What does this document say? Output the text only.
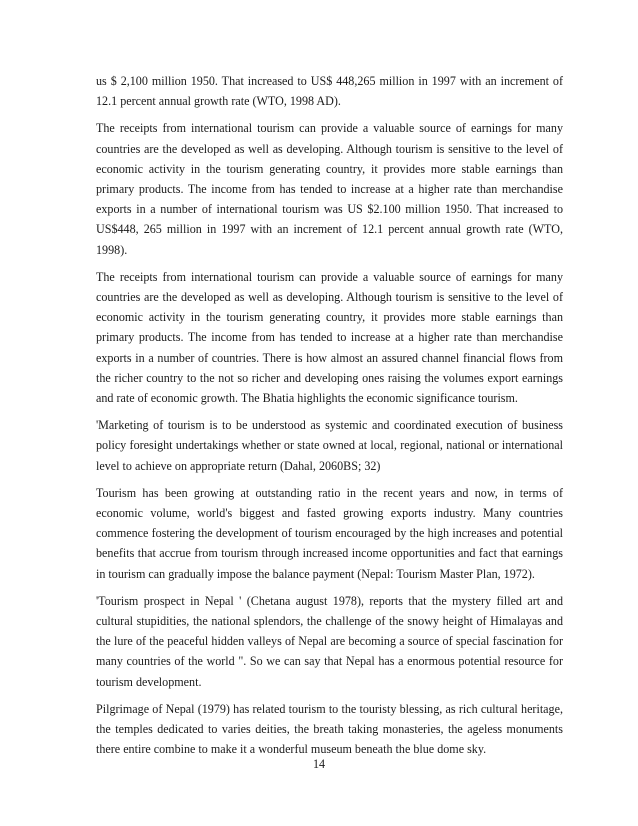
us $ 2,100 million 1950. That increased to US$ 448,265 million in 1997 with an increment of 12.1 percent annual growth rate (WTO, 1998 AD).

The receipts from international tourism can provide a valuable source of earnings for many countries are the developed as well as developing. Although tourism is sensitive to the level of economic activity in the tourism generating country, it provides more stable earnings than primary products. The income from has tended to increase at a higher rate than merchandise exports in a number of international tourism was US $2.100 million 1950. That increased to US$448, 265 million in 1997 with an increment of 12.1 percent annual growth rate (WTO, 1998).

The receipts from international tourism can provide a valuable source of earnings for many countries are the developed as well as developing. Although tourism is sensitive to the level of economic activity in the tourism generating country, it provides more stable earnings than primary products. The income from has tended to increase at a higher rate than merchandise exports in a number of countries. There is how almost an assured channel financial flows from the richer country to the not so richer and developing ones raising the volumes export earnings and rate of economic growth. The Bhatia highlights the economic significance tourism.

'Marketing of tourism is to be understood as systemic and coordinated execution of business policy foresight undertakings whether or state owned at local, regional, national or international level to achieve on appropriate return (Dahal, 2060BS; 32)

Tourism has been growing at outstanding ratio in the recent years and now, in terms of economic volume, world's biggest and fasted growing exports industry. Many countries commence fostering the development of tourism encouraged by the high increases and potential benefits that accrue from tourism through increased income opportunities and fact that earnings in tourism can gradually impose the balance payment (Nepal: Tourism Master Plan, 1972).

'Tourism prospect in Nepal ' (Chetana august 1978), reports that the mystery filled art and cultural stupidities, the national splendors, the challenge of the snowy height of Himalayas and the lure of the peaceful hidden valleys of Nepal are becoming a source of special fascination for many countries of the world ". So we can say that Nepal has a enormous potential resource for tourism development.

Pilgrimage of Nepal (1979) has related tourism to the touristy blessing, as rich cultural heritage, the temples dedicated to varies deities, the breath taking monasteries, the ageless monuments there entire combine to make it a wonderful museum beneath the blue dome sky.

14
